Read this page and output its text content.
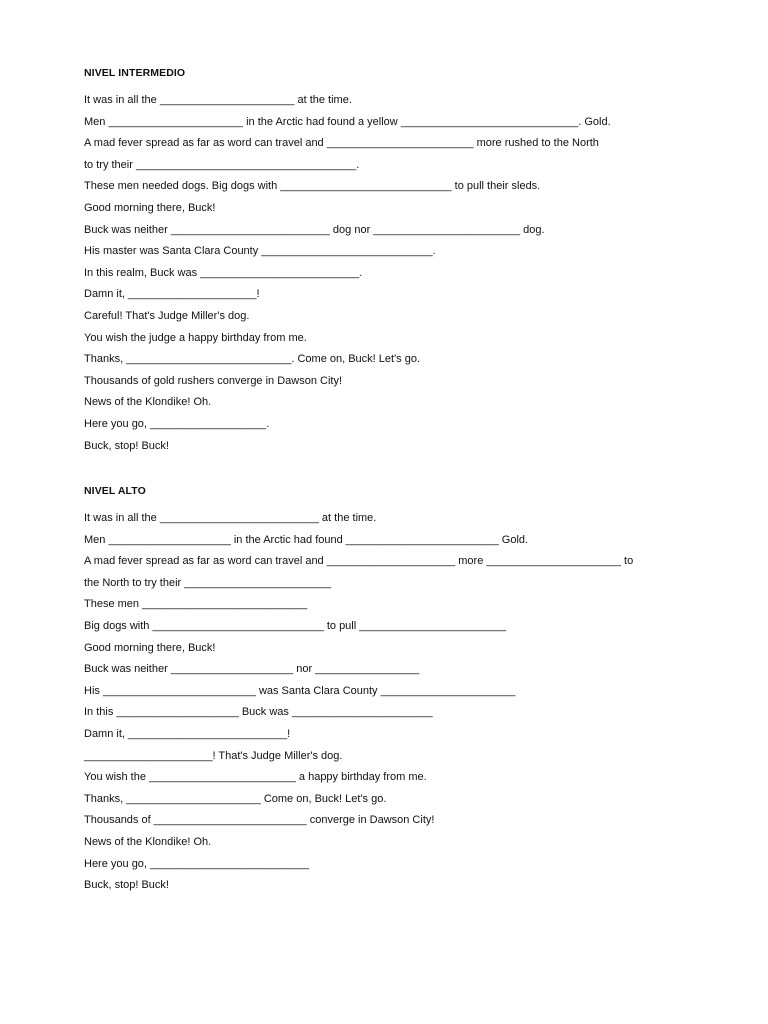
NIVEL INTERMEDIO
It was in all the ______________________ at the time.
Men ______________________ in the Arctic had found a yellow _____________________________. Gold.
A mad fever spread as far as word can travel and ________________________ more rushed to the North
to try their ____________________________________.
These men needed dogs. Big dogs with ____________________________ to pull their sleds.
Good morning there, Buck!
Buck was neither __________________________ dog nor ________________________ dog.
His master was Santa Clara County ____________________________.
In this realm, Buck was __________________________.
Damn it, _____________________!
Careful! That's Judge Miller's dog.
You wish the judge a happy birthday from me.
Thanks, ___________________________. Come on, Buck! Let's go.
Thousands of gold rushers converge in Dawson City!
News of the Klondike! Oh.
Here you go, ___________________.
Buck, stop! Buck!
NIVEL ALTO
It was in all the __________________________ at the time.
Men ____________________ in the Arctic had found _________________________ Gold.
A mad fever spread as far as word can travel and _____________________ more ______________________ to
the North to try their ________________________
These men ___________________________
Big dogs with ____________________________ to pull ________________________
Good morning there, Buck!
Buck was neither ____________________ nor _________________
His _________________________ was Santa Clara County ______________________
In this ____________________ Buck was _______________________
Damn it, __________________________!
_____________________! That's Judge Miller's dog.
You wish the ________________________ a happy birthday from me.
Thanks, ______________________ Come on, Buck! Let's go.
Thousands of _________________________ converge in Dawson City!
News of the Klondike! Oh.
Here you go, __________________________
Buck, stop! Buck!
